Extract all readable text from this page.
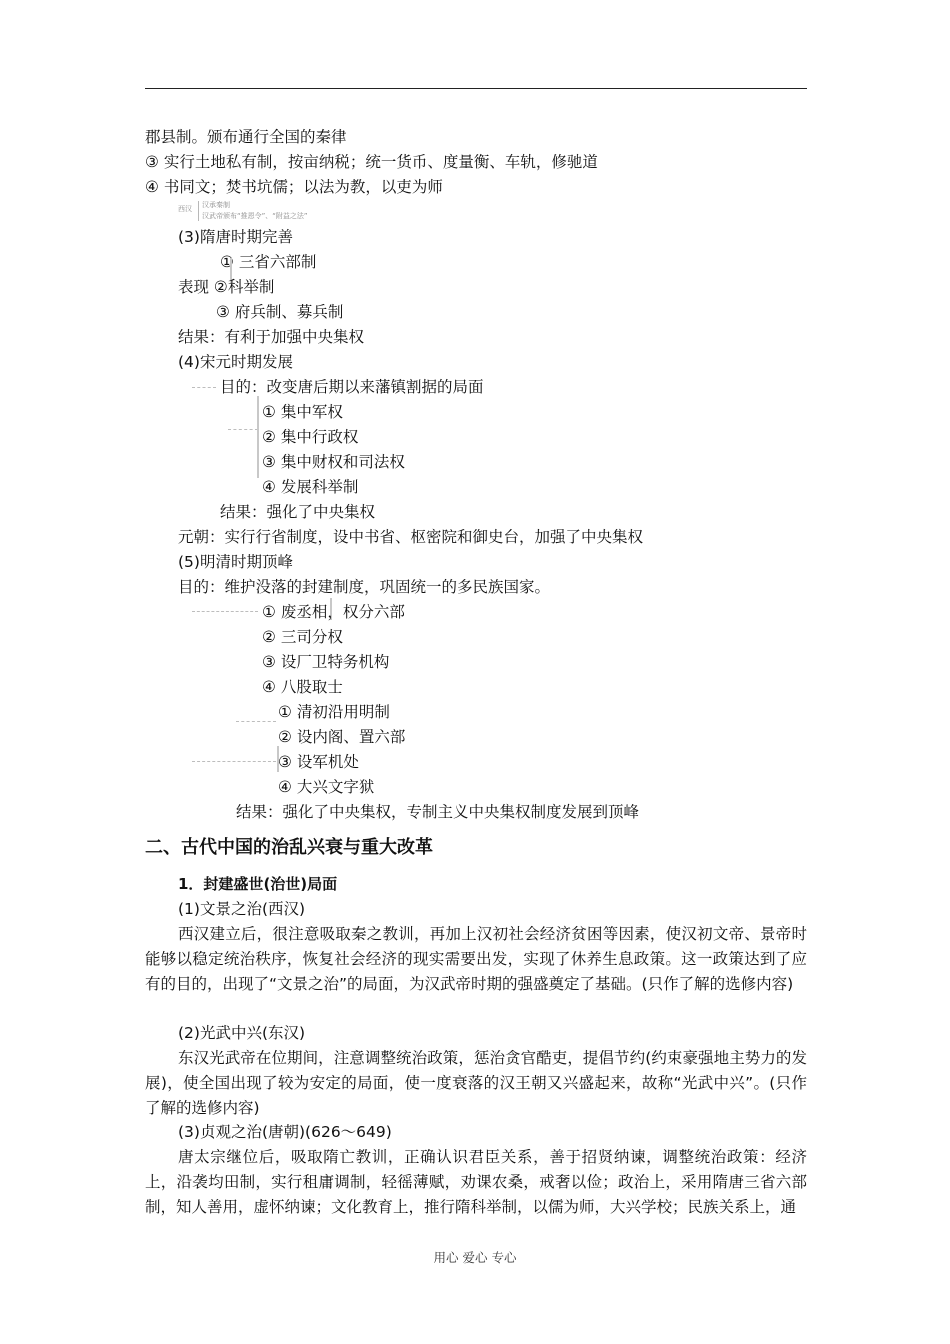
郡县制。颁布通行全国的秦律
③ 实行土地私有制，按亩纳税；统一货币、度量衡、车轨，修驰道
④ 书同文；焚书坑儒；以法为教，以吏为师
西汉 汉承秦制
汉武帝颁布“推恩令”、“附益之法”
(3)隋唐时期完善
① 三省六部制
表现 ②科举制
③ 府兵制、募兵制
结果：有利于加强中央集权
(4)宋元时期发展
目的：改变唐后期以来藩镇割据的局面
① 集中军权
② 集中行政权
③ 集中财权和司法权
④ 发展科举制
结果：强化了中央集权
元朝：实行行省制度，设中书省、枢密院和御史台，加强了中央集权
(5)明清时期顶峰
目的：维护没落的封建制度，巩固统一的多民族国家。
① 废丞相，权分六部
② 三司分权
③ 设厂卫特务机构
④ 八股取士
① 清初沿用明制
② 设内阁、置六部
③ 设军机处
④ 大兴文字狱
结果：强化了中央集权，专制主义中央集权制度发展到顶峰
二、古代中国的治乱兴衰与重大改革
1．封建盛世(治世)局面
(1)文景之治(西汉)
西汉建立后，很注意吸取秦之教训，再加上汉初社会经济贫困等因素，使汉初文帝、景帝时能够以稳定统治秩序，恢复社会经济的现实需要出发，实现了休养生息政策。这一政策达到了应有的目的，出现了“文景之治”的局面，为汉武帝时期的强盛奠定了基础。(只作了解的选修内容)
(2)光武中兴(东汉)
东汉光武帝在位期间，注意调整统治政策，惩治贪官酷吏，提倡节约(约束豪强地主势力的发展)，使全国出现了较为安定的局面，使一度衰落的汉王朝又兴盛起来，故称“光武中兴”。(只作了解的选修内容)
(3)贞观之治(唐朝)(626～649)
唐太宗继位后，吸取隋亡教训，正确认识君臣关系，善于招贤纳谏，调整统治政策：经济上，沿袭均田制，实行租庸调制，轻徭薄赋，劝课农桑，戒奢以俭；政治上，采用隋唐三省六部制，知人善用，虚怀纳谏；文化教育上，推行隋科举制，以儒为师，大兴学校；民族关系上，通
用心 爱心 专心
